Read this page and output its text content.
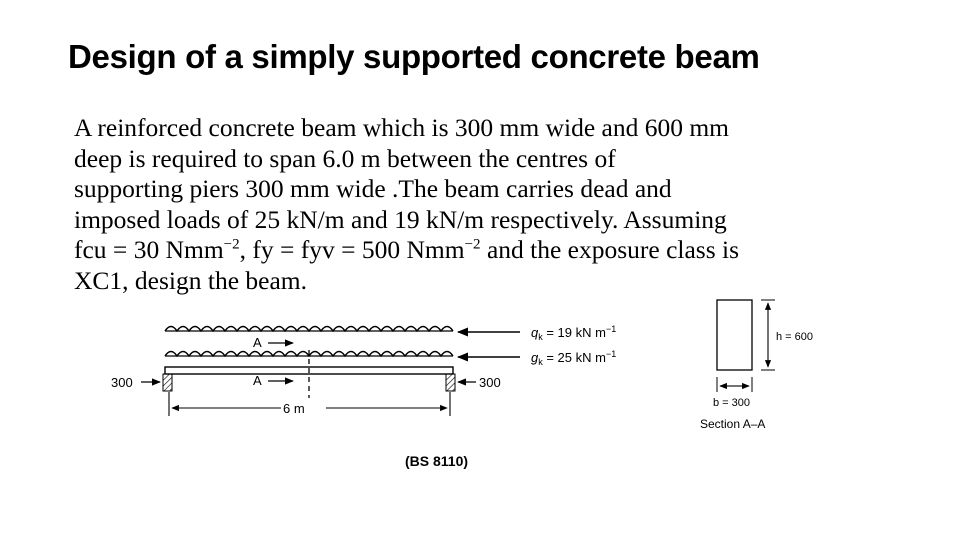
Design of a simply supported concrete beam
A reinforced concrete beam which is 300 mm wide and 600 mm
deep is required to span 6.0 m between the centres of
supporting piers 300 mm wide .The beam carries dead and
imposed loads of 25 kN/m and 19 kN/m respectively. Assuming
fcu = 30 Nmm$^{-2}$, fy = fyv = 500 Nmm$^{-2}$ and the exposure class is
XC1, design the beam.
A
A
300	300
6 m
$q_k = 19$ kN $m^{-1}$
$g_k = 25$ kN $m^{-1}$
h = 600
b = 300
Section A–A
(BS 8110)
